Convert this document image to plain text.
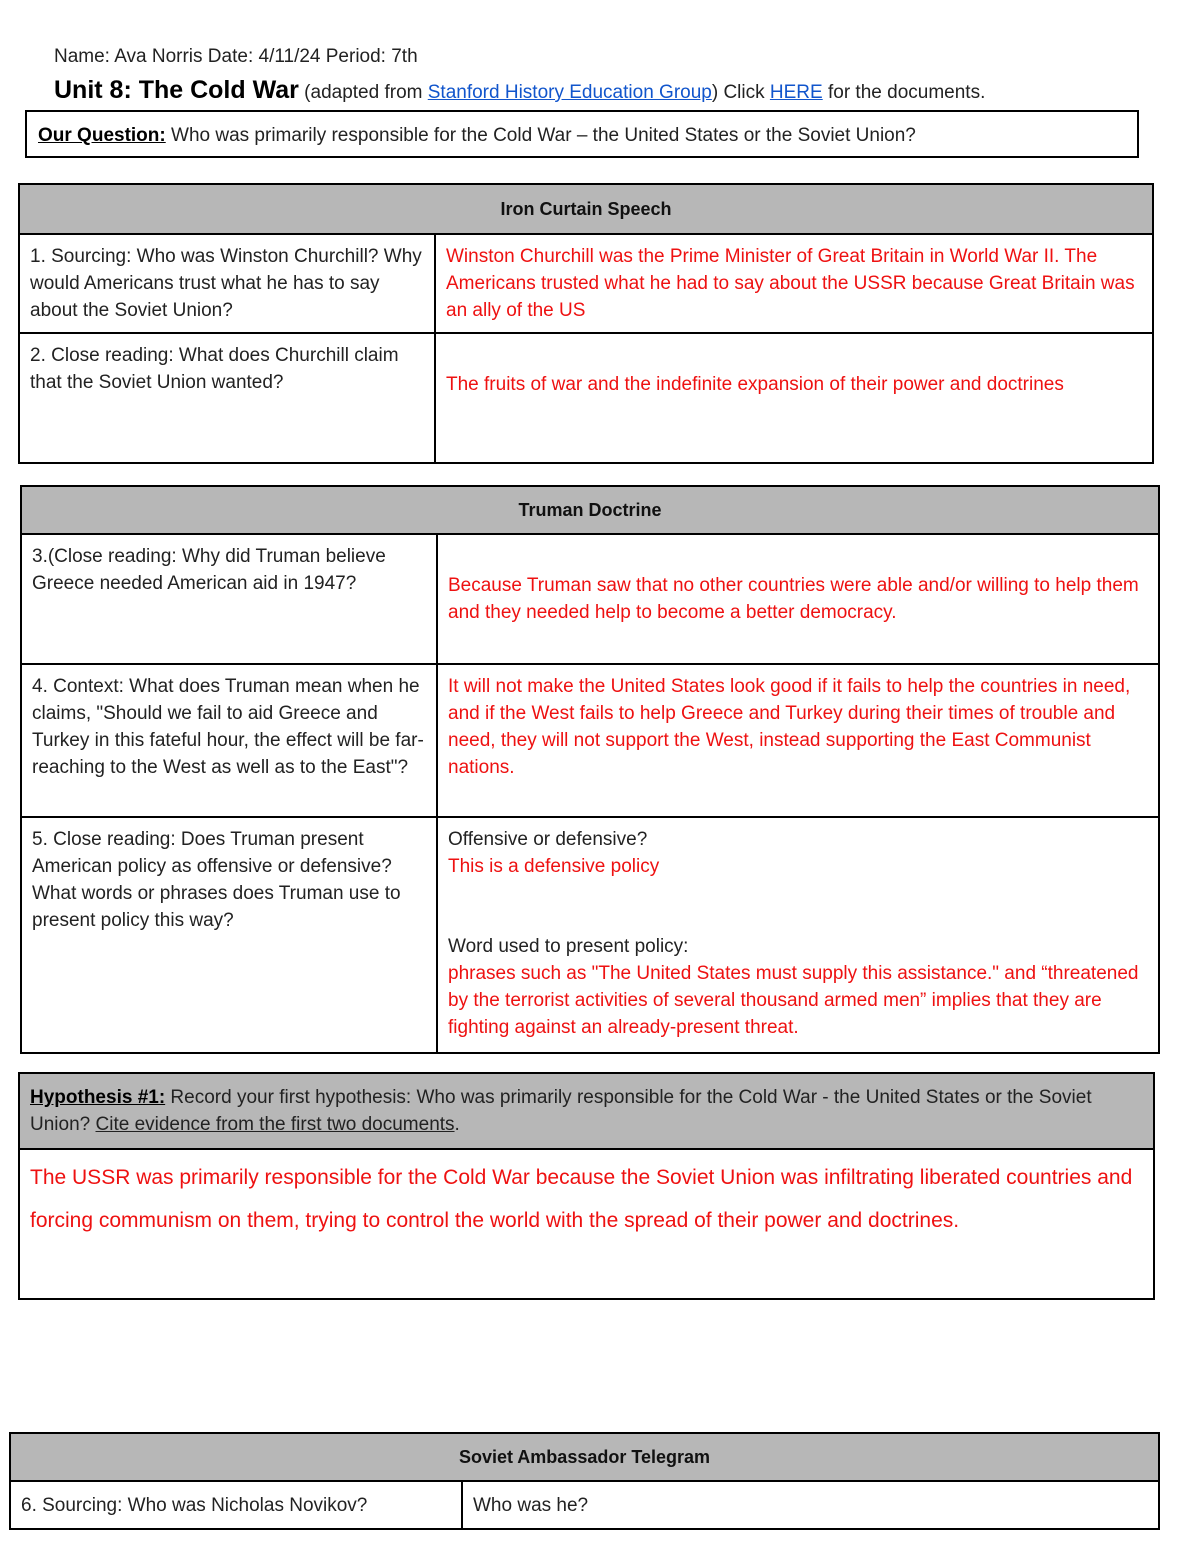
Name: Ava Norris Date: 4/11/24 Period: 7th
Unit 8: The Cold War (adapted from Stanford History Education Group) Click HERE for the documents.
Our Question: Who was primarily responsible for the Cold War – the United States or the Soviet Union?
Iron Curtain Speech	
1. Sourcing: Who was Winston Churchill? Why would Americans trust what he has to say about the Soviet Union?	Winston Churchill was the Prime Minister of Great Britain in World War II. The Americans trusted what he had to say about the USSR because Great Britain was an ally of the US
2. Close reading: What does Churchill claim that the Soviet Union wanted?	The fruits of war and the indefinite expansion of their power and doctrines
Truman Doctrine	
3.(Close reading: Why did Truman believe Greece needed American aid in 1947?	Because Truman saw that no other countries were able and/or willing to help them and they needed help to become a better democracy.
4. Context: What does Truman mean when he claims, "Should we fail to aid Greece and Turkey in this fateful hour, the effect will be far-reaching to the West as well as to the East"?	It will not make the United States look good if it fails to help the countries in need, and if the West fails to help Greece and Turkey during their times of trouble and need, they will not support the West, instead supporting the East Communist nations.
5. Close reading: Does Truman present American policy as offensive or defensive? What words or phrases does Truman use to present policy this way?	Offensive or defensive?
This is a defensive policy
Word used to present policy:
phrases such as "The United States must supply this assistance." and “threatened by the terrorist activities of several thousand armed men” implies that they are fighting against an already-present threat.
Hypothesis #1: Record your first hypothesis: Who was primarily responsible for the Cold War - the United States or the Soviet Union? Cite evidence from the first two documents.
The USSR was primarily responsible for the Cold War because the Soviet Union was infiltrating liberated countries and forcing communism on them, trying to control the world with the spread of their power and doctrines.
Soviet Ambassador Telegram
6. Sourcing: Who was Nicholas Novikov?	Who was he?
